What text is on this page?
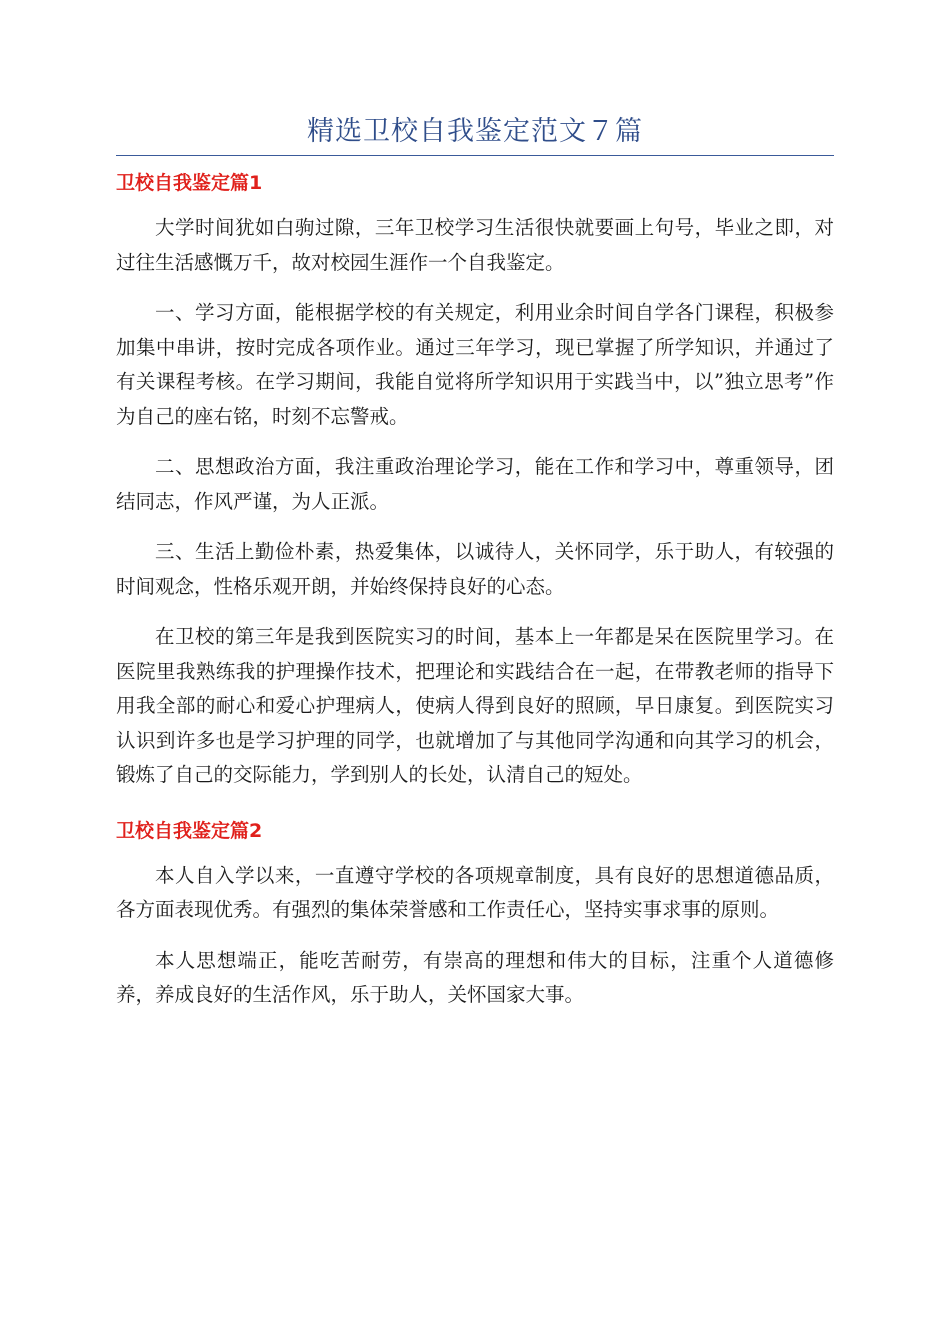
精选卫校自我鉴定范文７篇
卫校自我鉴定篇1

大学时间犹如白驹过隙，三年卫校学习生活很快就要画上句号，毕业之即，对过往生活感慨万千，故对校园生涯作一个自我鉴定。

一、学习方面，能根据学校的有关规定，利用业余时间自学各门课程，积极参加集中串讲，按时完成各项作业。通过三年学习，现已掌握了所学知识，并通过了有关课程考核。在学习期间，我能自觉将所学知识用于实践当中，以”独立思考”作为自己的座右铭，时刻不忘警戒。

二、思想政治方面，我注重政治理论学习，能在工作和学习中，尊重领导，团结同志，作风严谨，为人正派。

三、生活上勤俭朴素，热爱集体，以诚待人，关怀同学，乐于助人，有较强的时间观念，性格乐观开朗，并始终保持良好的心态。

在卫校的第三年是我到医院实习的时间，基本上一年都是呆在医院里学习。在医院里我熟练我的护理操作技术，把理论和实践结合在一起，在带教老师的指导下用我全部的耐心和爱心护理病人，使病人得到良好的照顾，早日康复。到医院实习认识到许多也是学习护理的同学，也就增加了与其他同学沟通和向其学习的机会，锻炼了自己的交际能力，学到别人的长处，认清自己的短处。

卫校自我鉴定篇2

本人自入学以来，一直遵守学校的各项规章制度，具有良好的思想道德品质，各方面表现优秀。有强烈的集体荣誉感和工作责任心，坚持实事求事的原则。

本人思想端正，能吃苦耐劳，有崇高的理想和伟大的目标，注重个人道德修养，养成良好的生活作风，乐于助人，关怀国家大事。
